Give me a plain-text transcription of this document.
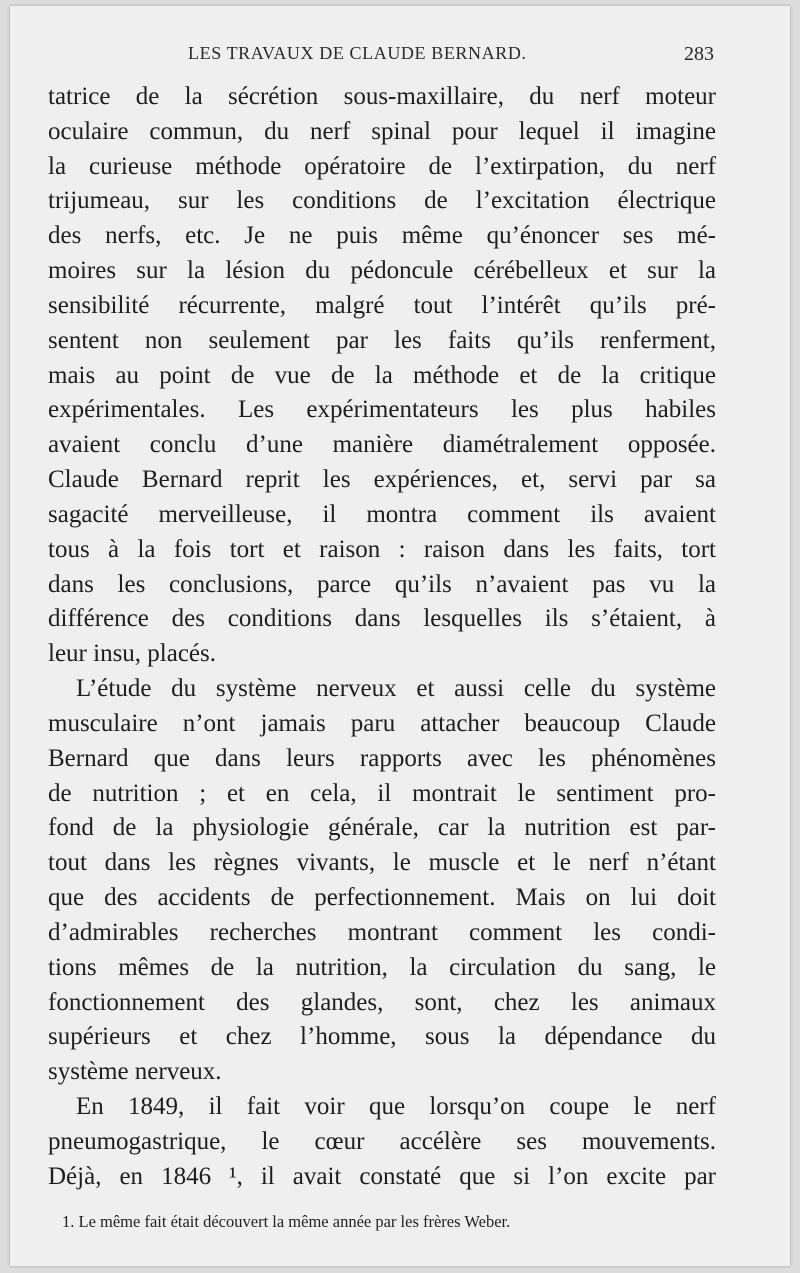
LES TRAVAUX DE CLAUDE BERNARD.	283
tatrice de la sécrétion sous-maxillaire, du nerf moteur
oculaire commun, du nerf spinal pour lequel il imagine
la curieuse méthode opératoire de l’extirpation, du nerf
trijumeau, sur les conditions de l’excitation électrique
des nerfs, etc. Je ne puis même qu’énoncer ses mé-
moires sur la lésion du pédoncule cérébelleux et sur la
sensibilité récurrente, malgré tout l’intérêt qu’ils pré-
sentent non seulement par les faits qu’ils renferment,
mais au point de vue de la méthode et de la critique
expérimentales. Les expérimentateurs les plus habiles
avaient conclu d’une manière diamétralement opposée.
Claude Bernard reprit les expériences, et, servi par sa
sagacité merveilleuse, il montra comment ils avaient
tous à la fois tort et raison : raison dans les faits, tort
dans les conclusions, parce qu’ils n’avaient pas vu la
différence des conditions dans lesquelles ils s’étaient, à
leur insu, placés.
L’étude du système nerveux et aussi celle du système
musculaire n’ont jamais paru attacher beaucoup Claude
Bernard que dans leurs rapports avec les phénomènes
de nutrition ; et en cela, il montrait le sentiment pro-
fond de la physiologie générale, car la nutrition est par-
tout dans les règnes vivants, le muscle et le nerf n’étant
que des accidents de perfectionnement. Mais on lui doit
d’admirables recherches montrant comment les condi-
tions mêmes de la nutrition, la circulation du sang, le
fonctionnement des glandes, sont, chez les animaux
supérieurs et chez l’homme, sous la dépendance du
système nerveux.
En 1849, il fait voir que lorsqu’on coupe le nerf
pneumogastrique, le cœur accélère ses mouvements.
Déjà, en 1846 ¹, il avait constaté que si l’on excite par
1. Le même fait était découvert la même année par les frères Weber.
